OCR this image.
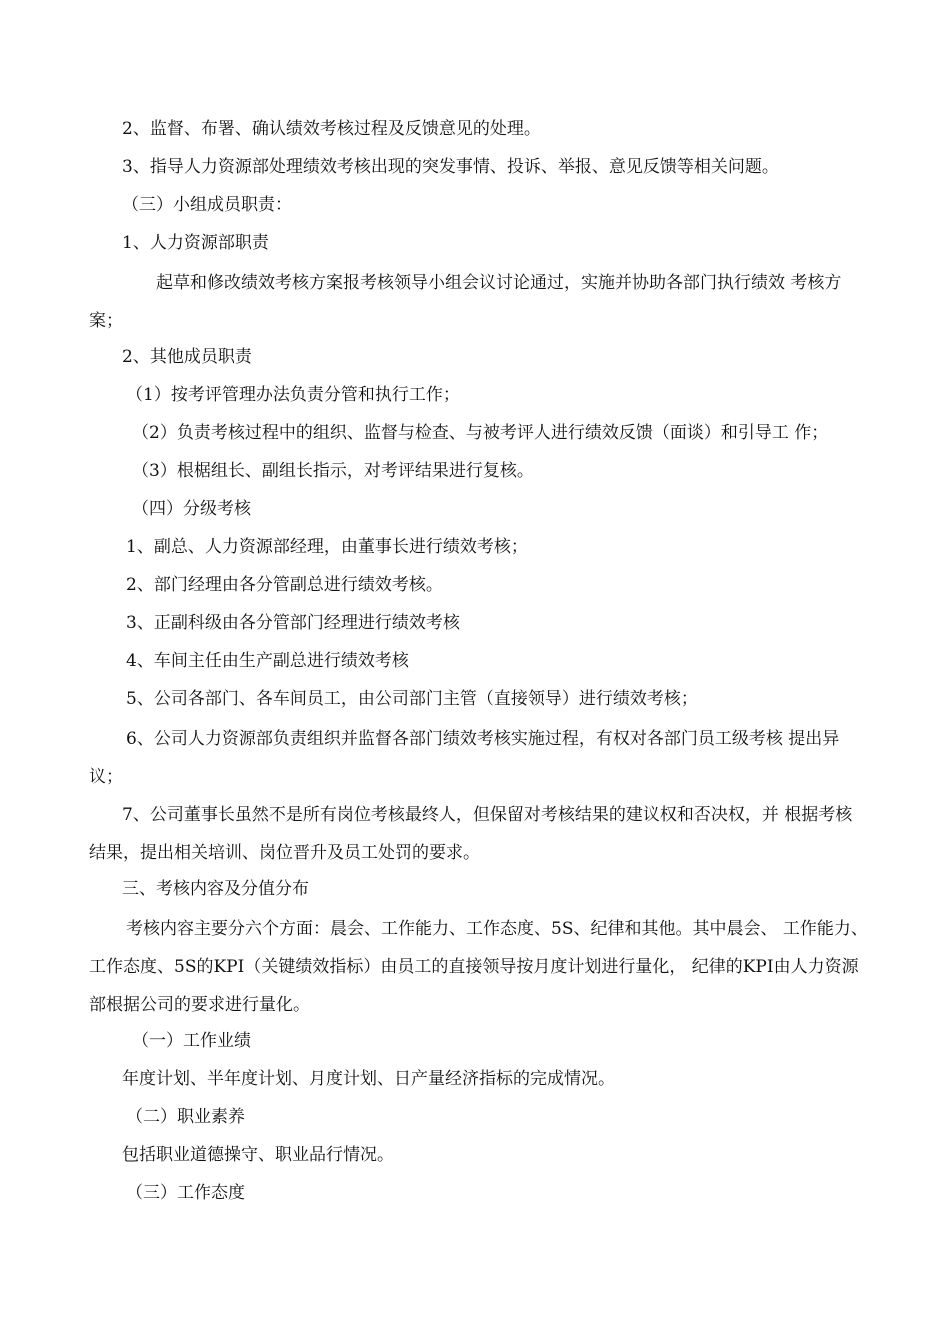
2、监督、布署、确认绩效考核过程及反馈意见的处理。
3、指导人力资源部处理绩效考核出现的突发事情、投诉、举报、意见反馈等相关问题。
（三）小组成员职责：
1、人力资源部职责
起草和修改绩效考核方案报考核领导小组会议讨论通过，实施并协助各部门执行绩效 考核方案；
2、其他成员职责
（1）按考评管理办法负责分管和执行工作；
（2）负责考核过程中的组织、监督与检查、与被考评人进行绩效反馈（面谈）和引导工 作；
（3）根椐组长、副组长指示，对考评结果进行复核。
（四）分级考核
1、副总、人力资源部经理，由董事长进行绩效考核；
2、部门经理由各分管副总进行绩效考核。
3、正副科级由各分管部门经理进行绩效考核
4、车间主任由生产副总进行绩效考核
5、公司各部门、各车间员工，由公司部门主管（直接领导）进行绩效考核；
6、公司人力资源部负责组织并监督各部门绩效考核实施过程，有权对各部门员工级考核 提出异议；
7、公司董事长虽然不是所有岗位考核最终人，但保留对考核结果的建议权和否决权，并 根据考核结果，提出相关培训、岗位晋升及员工处罚的要求。
三、考核内容及分值分布
考核内容主要分六个方面：晨会、工作能力、工作态度、5S、纪律和其他。其中晨会、 工作能力、工作态度、5S的KPI（关键绩效指标）由员工的直接领导按月度计划进行量化， 纪律的KPI由人力资源部根据公司的要求进行量化。
（一）工作业绩
年度计划、半年度计划、月度计划、日产量经济指标的完成情况。
（二）职业素养
包括职业道德操守、职业品行情况。
（三）工作态度
